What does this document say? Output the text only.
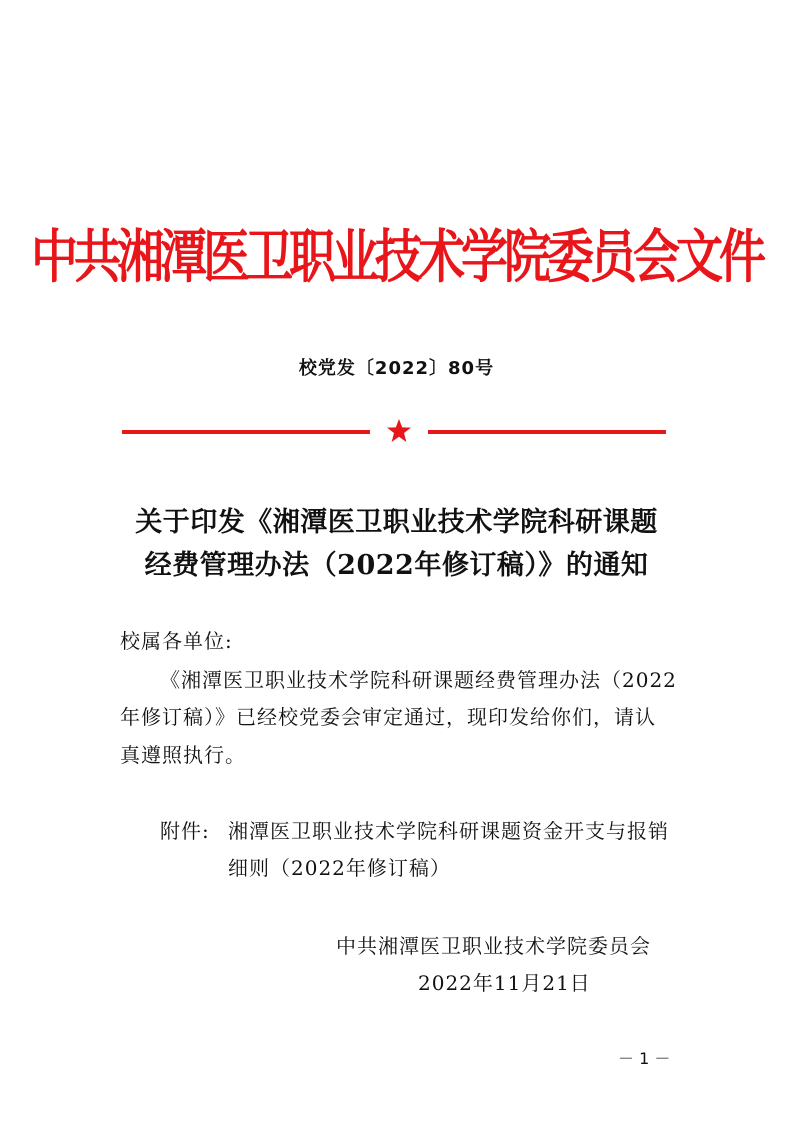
中共湘潭医卫职业技术学院委员会文件
校党发〔2022〕80号
关于印发《湘潭医卫职业技术学院科研课题
经费管理办法（2022年修订稿）》的通知
校属各单位:
《湘潭医卫职业技术学院科研课题经费管理办法（2022
年修订稿）》已经校党委会审定通过，现印发给你们，请认
真遵照执行。
附件: 湘潭医卫职业技术学院科研课题资金开支与报销
细则（2022年修订稿）
中共湘潭医卫职业技术学院委员会
2022年11月21日
－ 1 －
